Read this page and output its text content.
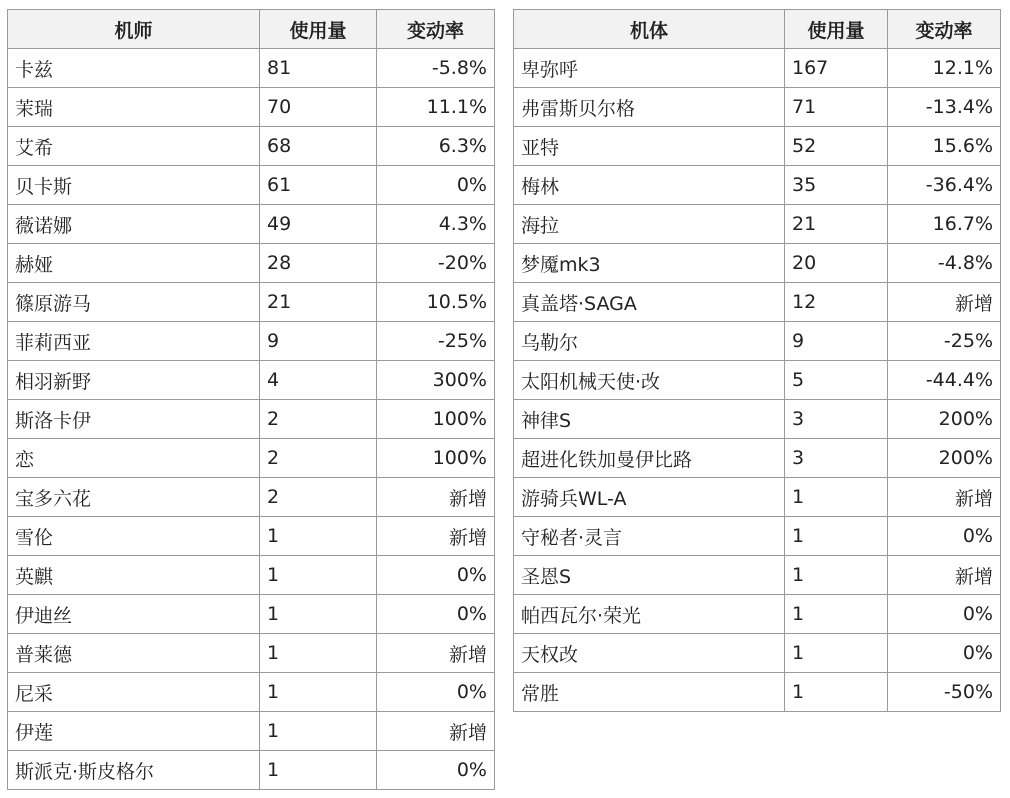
机师	使用量	变动率
卡兹	81	-5.8%
茉瑞	70	11.1%
艾希	68	6.3%
贝卡斯	61	0%
薇诺娜	49	4.3%
赫娅	28	-20%
篠原游马	21	10.5%
菲莉西亚	9	-25%
相羽新野	4	300%
斯洛卡伊	2	100%
恋	2	100%
宝多六花	2	新增
雪伦	1	新增
英麒	1	0%
伊迪丝	1	0%
普莱德	1	新增
尼采	1	0%
伊莲	1	新增
斯派克·斯皮格尔	1	0%
机体	使用量	变动率
卑弥呼	167	12.1%
弗雷斯贝尔格	71	-13.4%
亚特	52	15.6%
梅林	35	-36.4%
海拉	21	16.7%
梦魇mk3	20	-4.8%
真盖塔·SAGA	12	新增
乌勒尔	9	-25%
太阳机械天使·改	5	-44.4%
神律S	3	200%
超进化铁加曼伊比路	3	200%
游骑兵WL-A	1	新增
守秘者·灵言	1	0%
圣恩S	1	新增
帕西瓦尔·荣光	1	0%
天权改	1	0%
常胜	1	-50%
